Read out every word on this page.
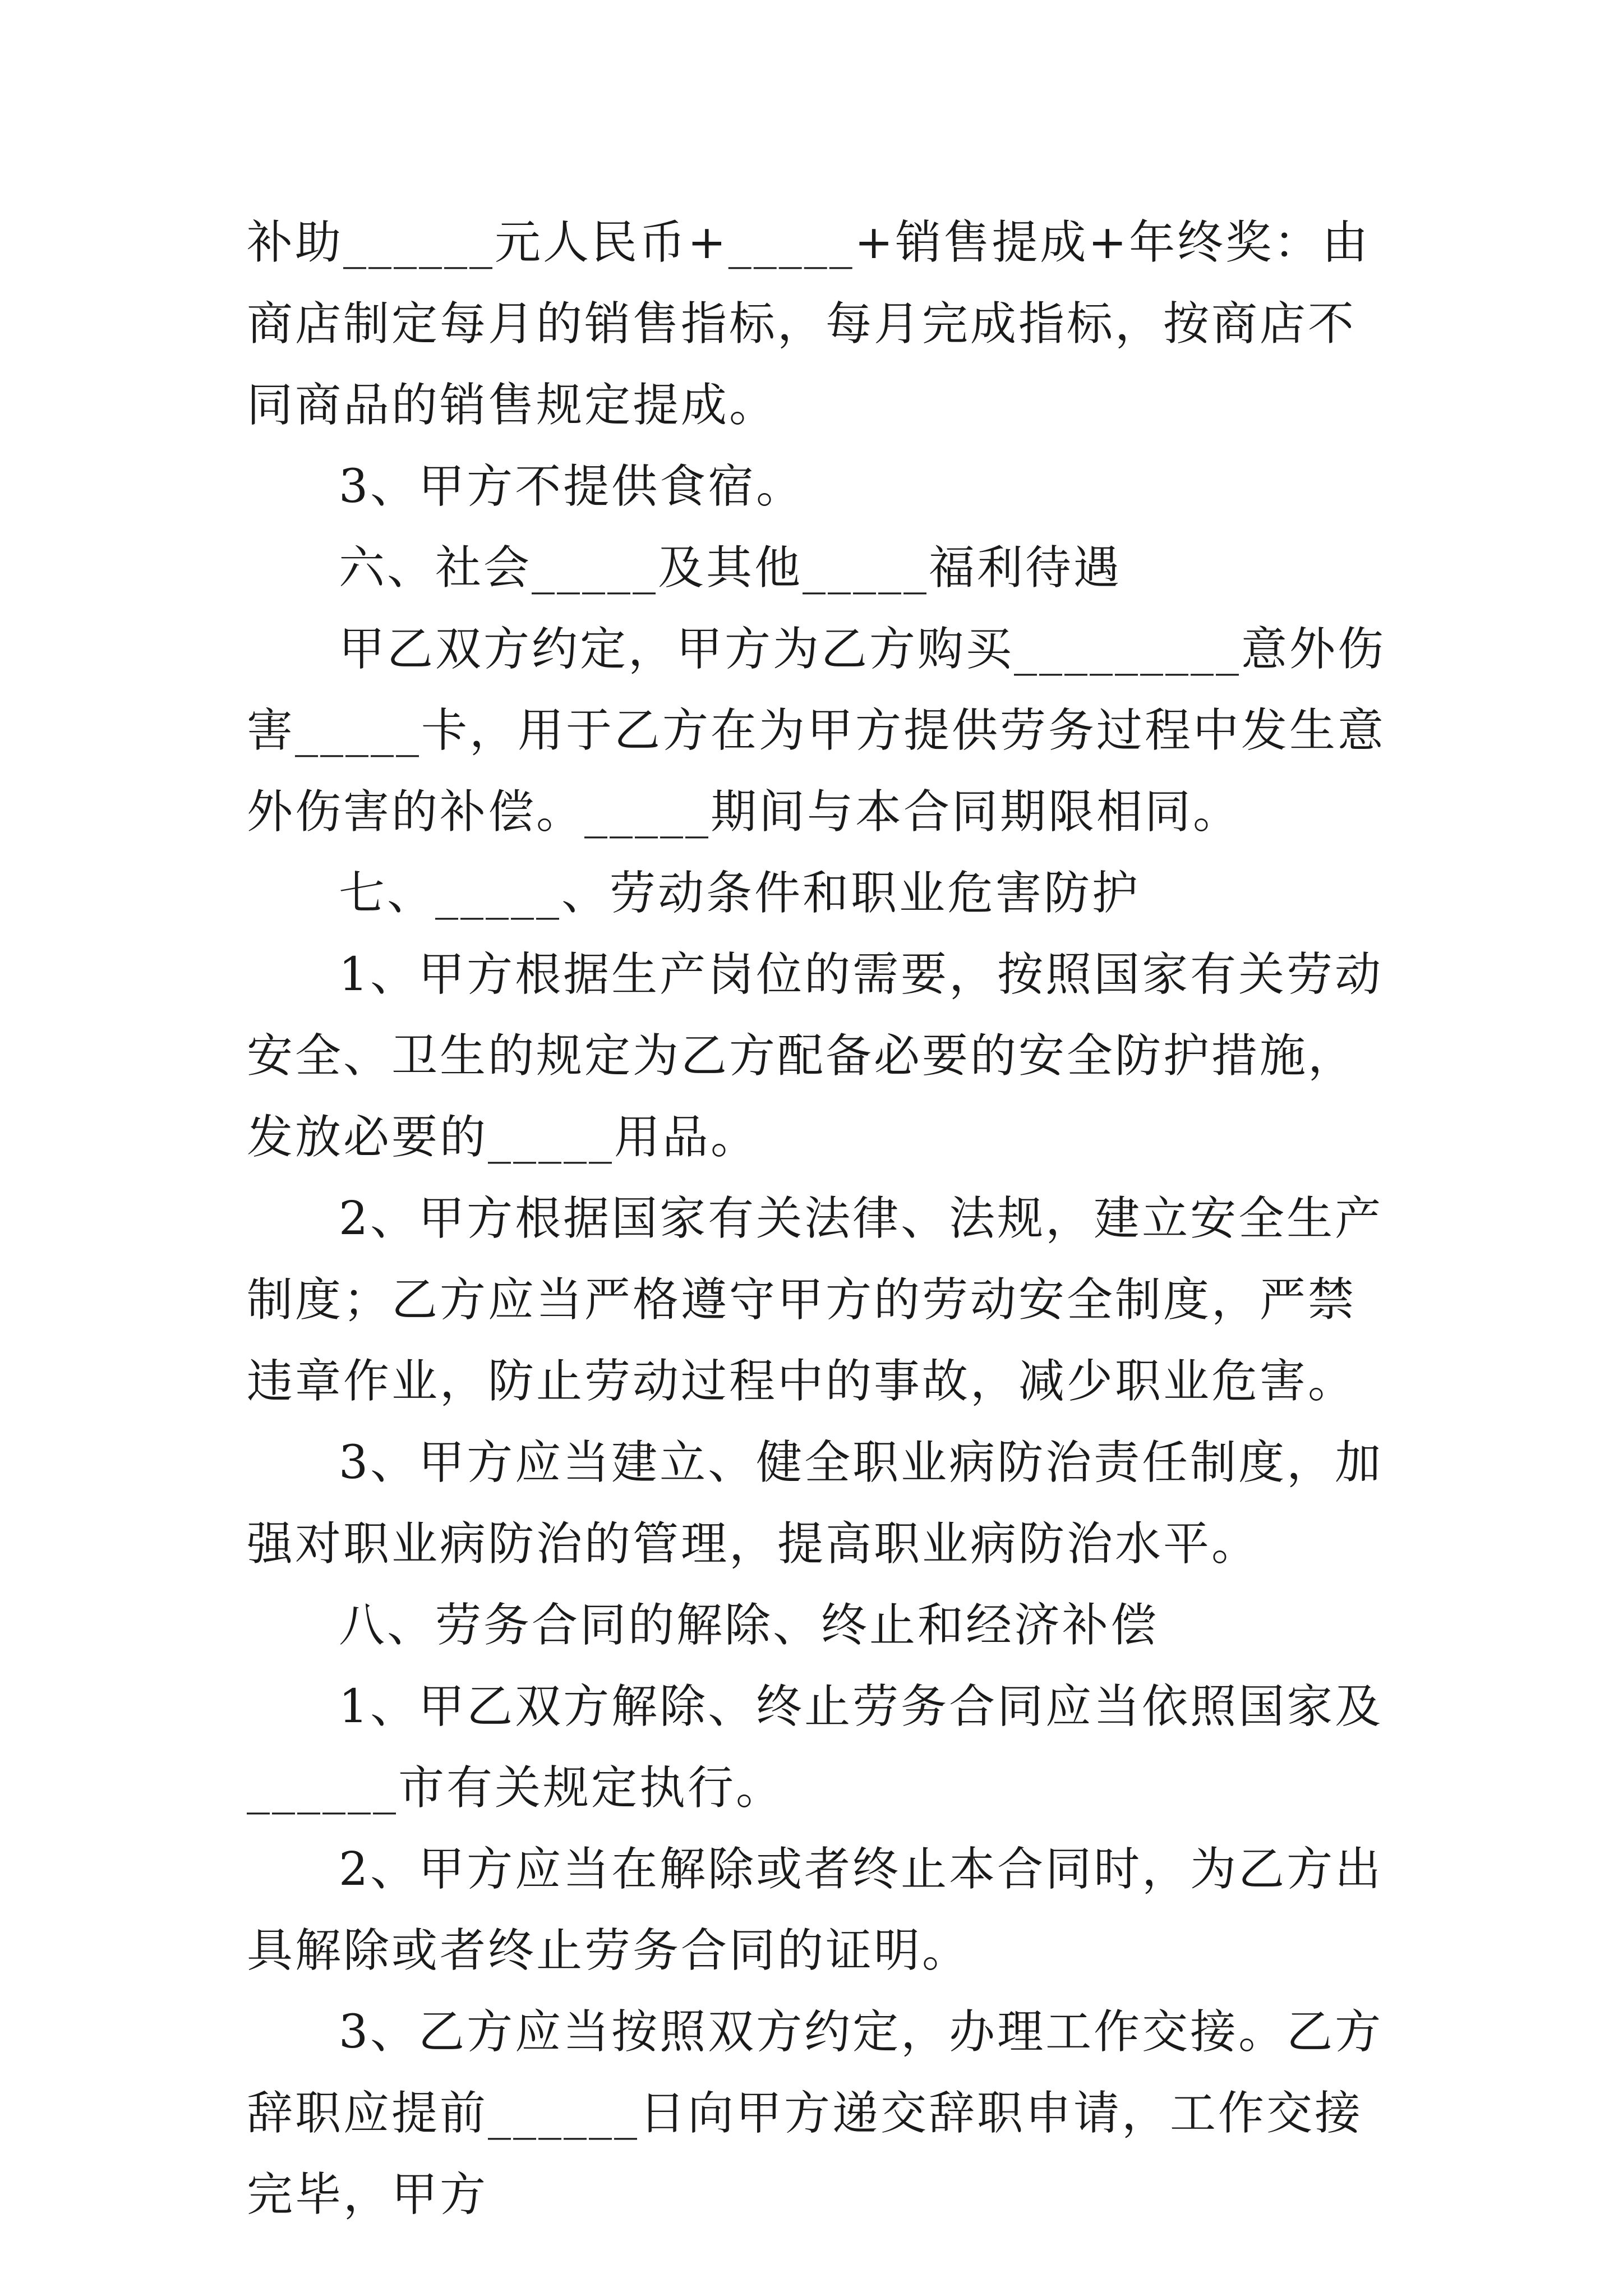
补助______元人民币+_____+销售提成+年终奖：由商店制定每月的销售指标，每月完成指标，按商店不同商品的销售规定提成。

3、甲方不提供食宿。

六、社会_____及其他_____福利待遇

甲乙双方约定，甲方为乙方购买_________意外伤害_____卡，用于乙方在为甲方提供劳务过程中发生意外伤害的补偿。_____期间与本合同期限相同。

七、_____、劳动条件和职业危害防护

1、甲方根据生产岗位的需要，按照国家有关劳动安全、卫生的规定为乙方配备必要的安全防护措施，发放必要的_____用品。

2、甲方根据国家有关法律、法规，建立安全生产制度；乙方应当严格遵守甲方的劳动安全制度，严禁违章作业，防止劳动过程中的事故，减少职业危害。

3、甲方应当建立、健全职业病防治责任制度，加强对职业病防治的管理，提高职业病防治水平。

八、劳务合同的解除、终止和经济补偿

1、甲乙双方解除、终止劳务合同应当依照国家及______市有关规定执行。

2、甲方应当在解除或者终止本合同时，为乙方出具解除或者终止劳务合同的证明。

3、乙方应当按照双方约定，办理工作交接。乙方辞职应提前______日向甲方递交辞职申请，工作交接完毕，甲方
